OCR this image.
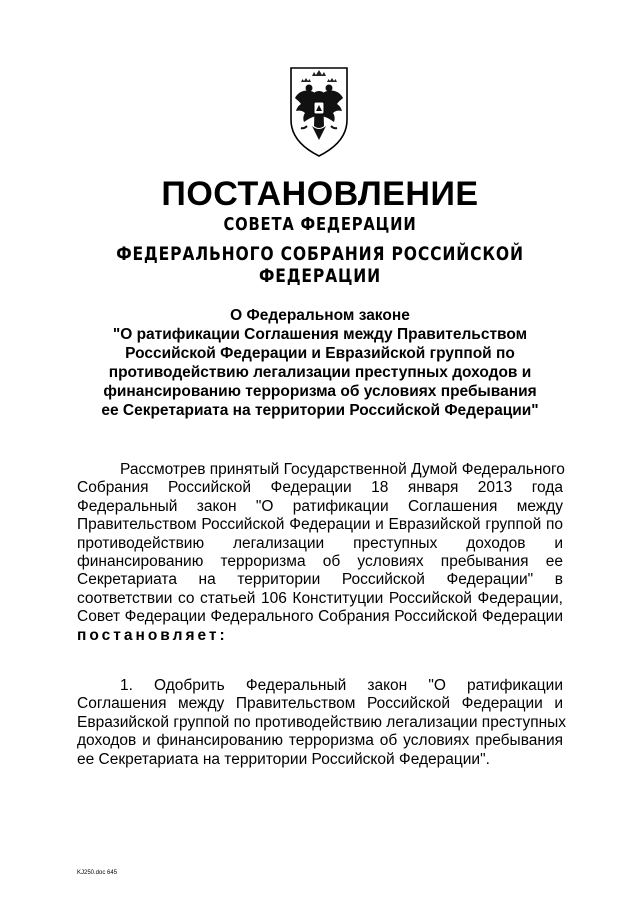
ПОСТАНОВЛЕНИЕ
СОВЕТА ФЕДЕРАЦИИ
ФЕДЕРАЛЬНОГО СОБРАНИЯ РОССИЙСКОЙ ФЕДЕРАЦИИ
О Федеральном законе
"О ратификации Соглашения между Правительством
Российской Федерации и Евразийской группой по
противодействию легализации преступных доходов и
финансированию терроризма об условиях пребывания
ее Секретариата на территории Российской Федерации"
Рассмотрев принятый Государственной Думой Федерального
Собрания Российской Федерации 18 января 2013 года
Федеральный закон "О ратификации Соглашения между
Правительством Российской Федерации и Евразийской группой по
противодействию легализации преступных доходов и
финансированию терроризма об условиях пребывания ее
Секретариата на территории Российской Федерации" в
соответствии со статьей 106 Конституции Российской Федерации,
Совет Федерации Федерального Собрания Российской Федерации
постановляет:
1. Одобрить Федеральный закон "О ратификации
Соглашения между Правительством Российской Федерации и
Евразийской группой по противодействию легализации преступных
доходов и финансированию терроризма об условиях пребывания
ее Секретариата на территории Российской Федерации".
KJ250.doc 645
